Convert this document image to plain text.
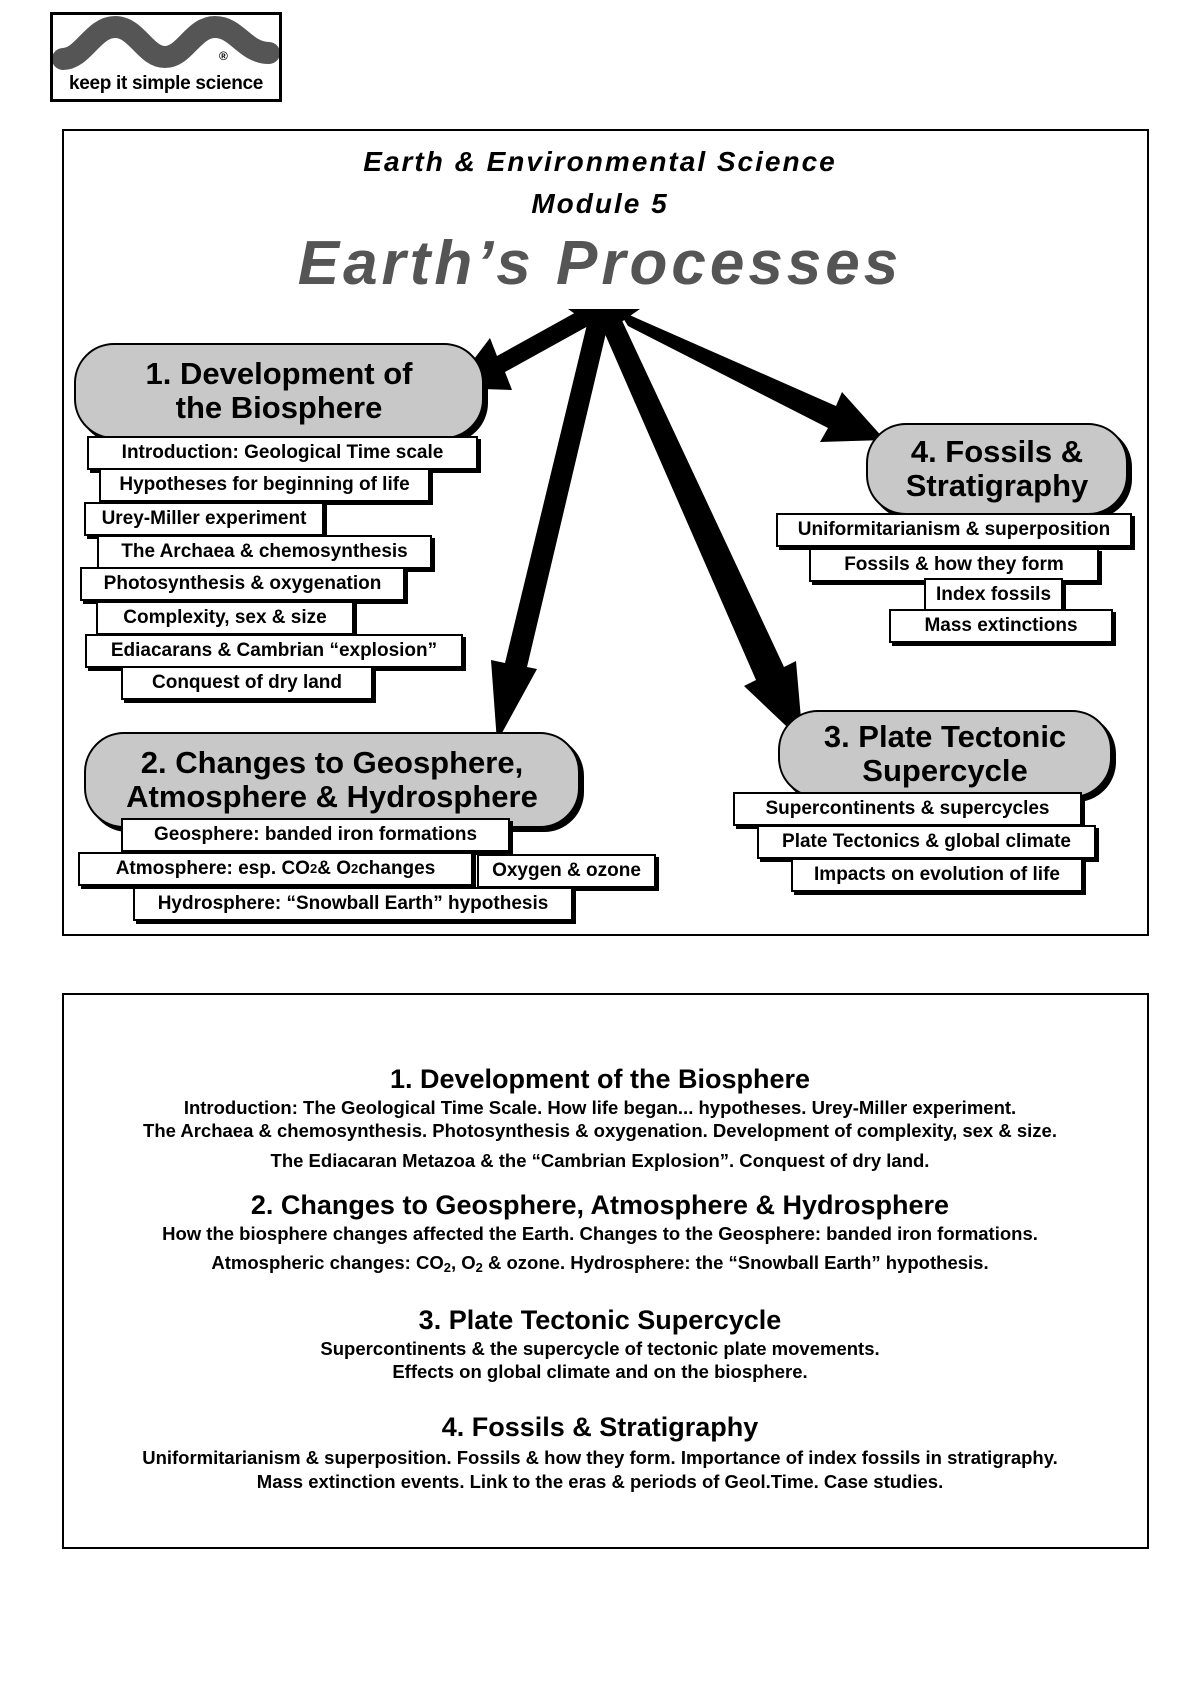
®
keep it simple science
Earth & Environmental Science
Module 5
Earth’s Processes
1. Development of
the Biosphere
Introduction: Geological Time scale
Hypotheses for beginning of life
Urey-Miller experiment
The Archaea & chemosynthesis
Photosynthesis & oxygenation
Complexity, sex & size
Ediacarans & Cambrian “explosion”
Conquest of dry land
2. Changes to Geosphere,
Atmosphere & Hydrosphere
Geosphere: banded iron formations
Atmosphere: esp. CO 2 & O 2 changes	Oxygen & ozone
Hydrosphere: “Snowball Earth” hypothesis
3. Plate Tectonic
Supercycle
Supercontinents & supercycles
Plate Tectonics & global climate
Impacts on evolution of life
4. Fossils &
Stratigraphy
Uniformitarianism & superposition
Fossils & how they form
Index fossils
Mass extinctions
1. Development of the Biosphere
Introduction: The Geological Time Scale. How life began... hypotheses. Urey-Miller experiment.
The Archaea & chemosynthesis. Photosynthesis & oxygenation. Development of complexity, sex & size.
The Ediacaran Metazoa & the “Cambrian Explosion”. Conquest of dry land.
2. Changes to Geosphere, Atmosphere & Hydrosphere
How the biosphere changes affected the Earth. Changes to the Geosphere: banded iron formations.
Atmospheric changes: $CO_2$, $O_2$ & ozone. Hydrosphere: the “Snowball Earth” hypothesis.
3. Plate Tectonic Supercycle
Supercontinents & the supercycle of tectonic plate movements.
Effects on global climate and on the biosphere.
4. Fossils & Stratigraphy
Uniformitarianism & superposition. Fossils & how they form. Importance of index fossils in stratigraphy.
Mass extinction events. Link to the eras & periods of Geol.Time. Case studies.
